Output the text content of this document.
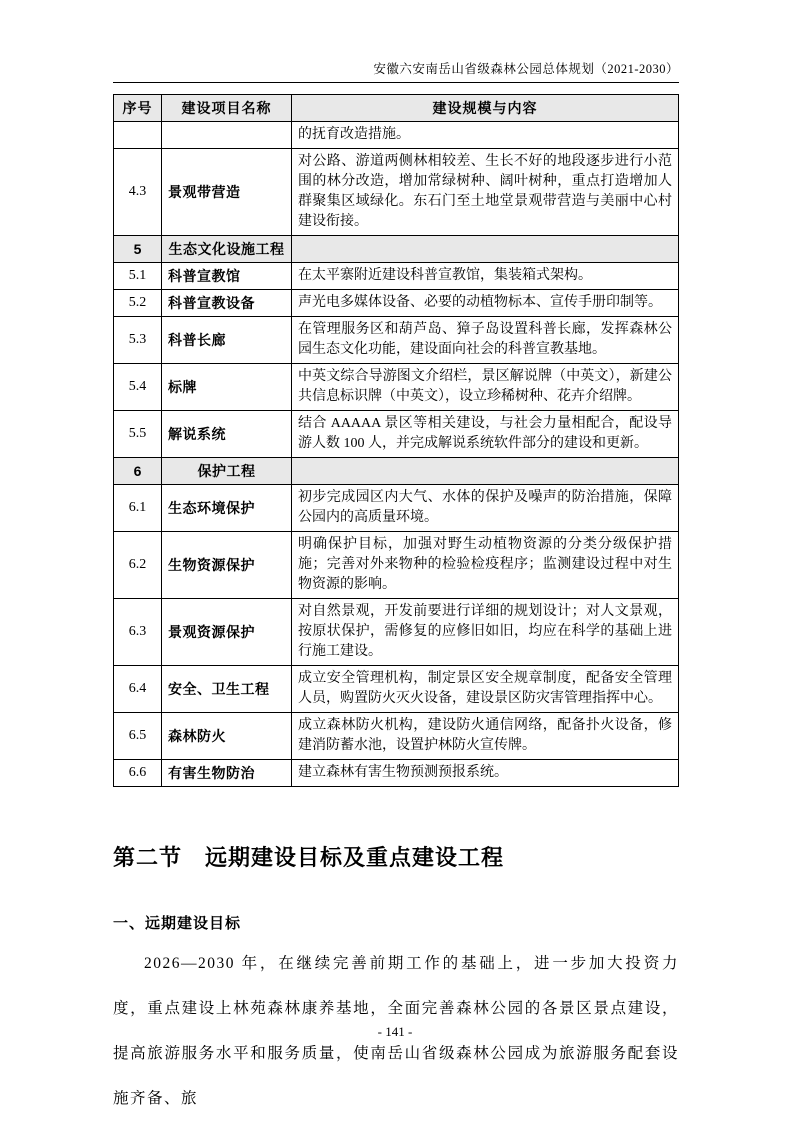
安徽六安南岳山省级森林公园总体规划（2021-2030）
序号	建设项目名称	建设规模与内容
		的抚育改造措施。
4.3	景观带营造	对公路、游道两侧林相较差、生长不好的地段逐步进行小范围的林分改造，增加常绿树种、阔叶树种，重点打造增加人群聚集区域绿化。东石门至土地堂景观带营造与美丽中心村建设衔接。
5	生态文化设施工程	
5.1	科普宣教馆	在太平寨附近建设科普宣教馆，集装箱式架构。
5.2	科普宣教设备	声光电多媒体设备、必要的动植物标本、宣传手册印制等。
5.3	科普长廊	在管理服务区和葫芦岛、獐子岛设置科普长廊，发挥森林公园生态文化功能，建设面向社会的科普宣教基地。
5.4	标牌	中英文综合导游图文介绍栏，景区解说牌（中英文），新建公共信息标识牌（中英文），设立珍稀树种、花卉介绍牌。
5.5	解说系统	结合 AAAAA 景区等相关建设，与社会力量相配合，配设导游人数 100 人，并完成解说系统软件部分的建设和更新。
6	保护工程	
6.1	生态环境保护	初步完成园区内大气、水体的保护及噪声的防治措施，保障公园内的高质量环境。
6.2	生物资源保护	明确保护目标，加强对野生动植物资源的分类分级保护措施；完善对外来物种的检验检疫程序；监测建设过程中对生物资源的影响。
6.3	景观资源保护	对自然景观，开发前要进行详细的规划设计；对人文景观，按原状保护，需修复的应修旧如旧，均应在科学的基础上进行施工建设。
6.4	安全、卫生工程	成立安全管理机构，制定景区安全规章制度，配备安全管理人员，购置防火灭火设备，建设景区防灾害管理指挥中心。
6.5	森林防火	成立森林防火机构，建设防火通信网络，配备扑火设备，修建消防蓄水池，设置护林防火宣传牌。
6.6	有害生物防治	建立森林有害生物预测预报系统。
第二节　远期建设目标及重点建设工程
一、远期建设目标

2026—2030 年，在继续完善前期工作的基础上，进一步加大投资力度，重点建设上林苑森林康养基地，全面完善森林公园的各景区景点建设，提高旅游服务水平和服务质量，使南岳山省级森林公园成为旅游服务配套设施齐备、旅

- 141 -
